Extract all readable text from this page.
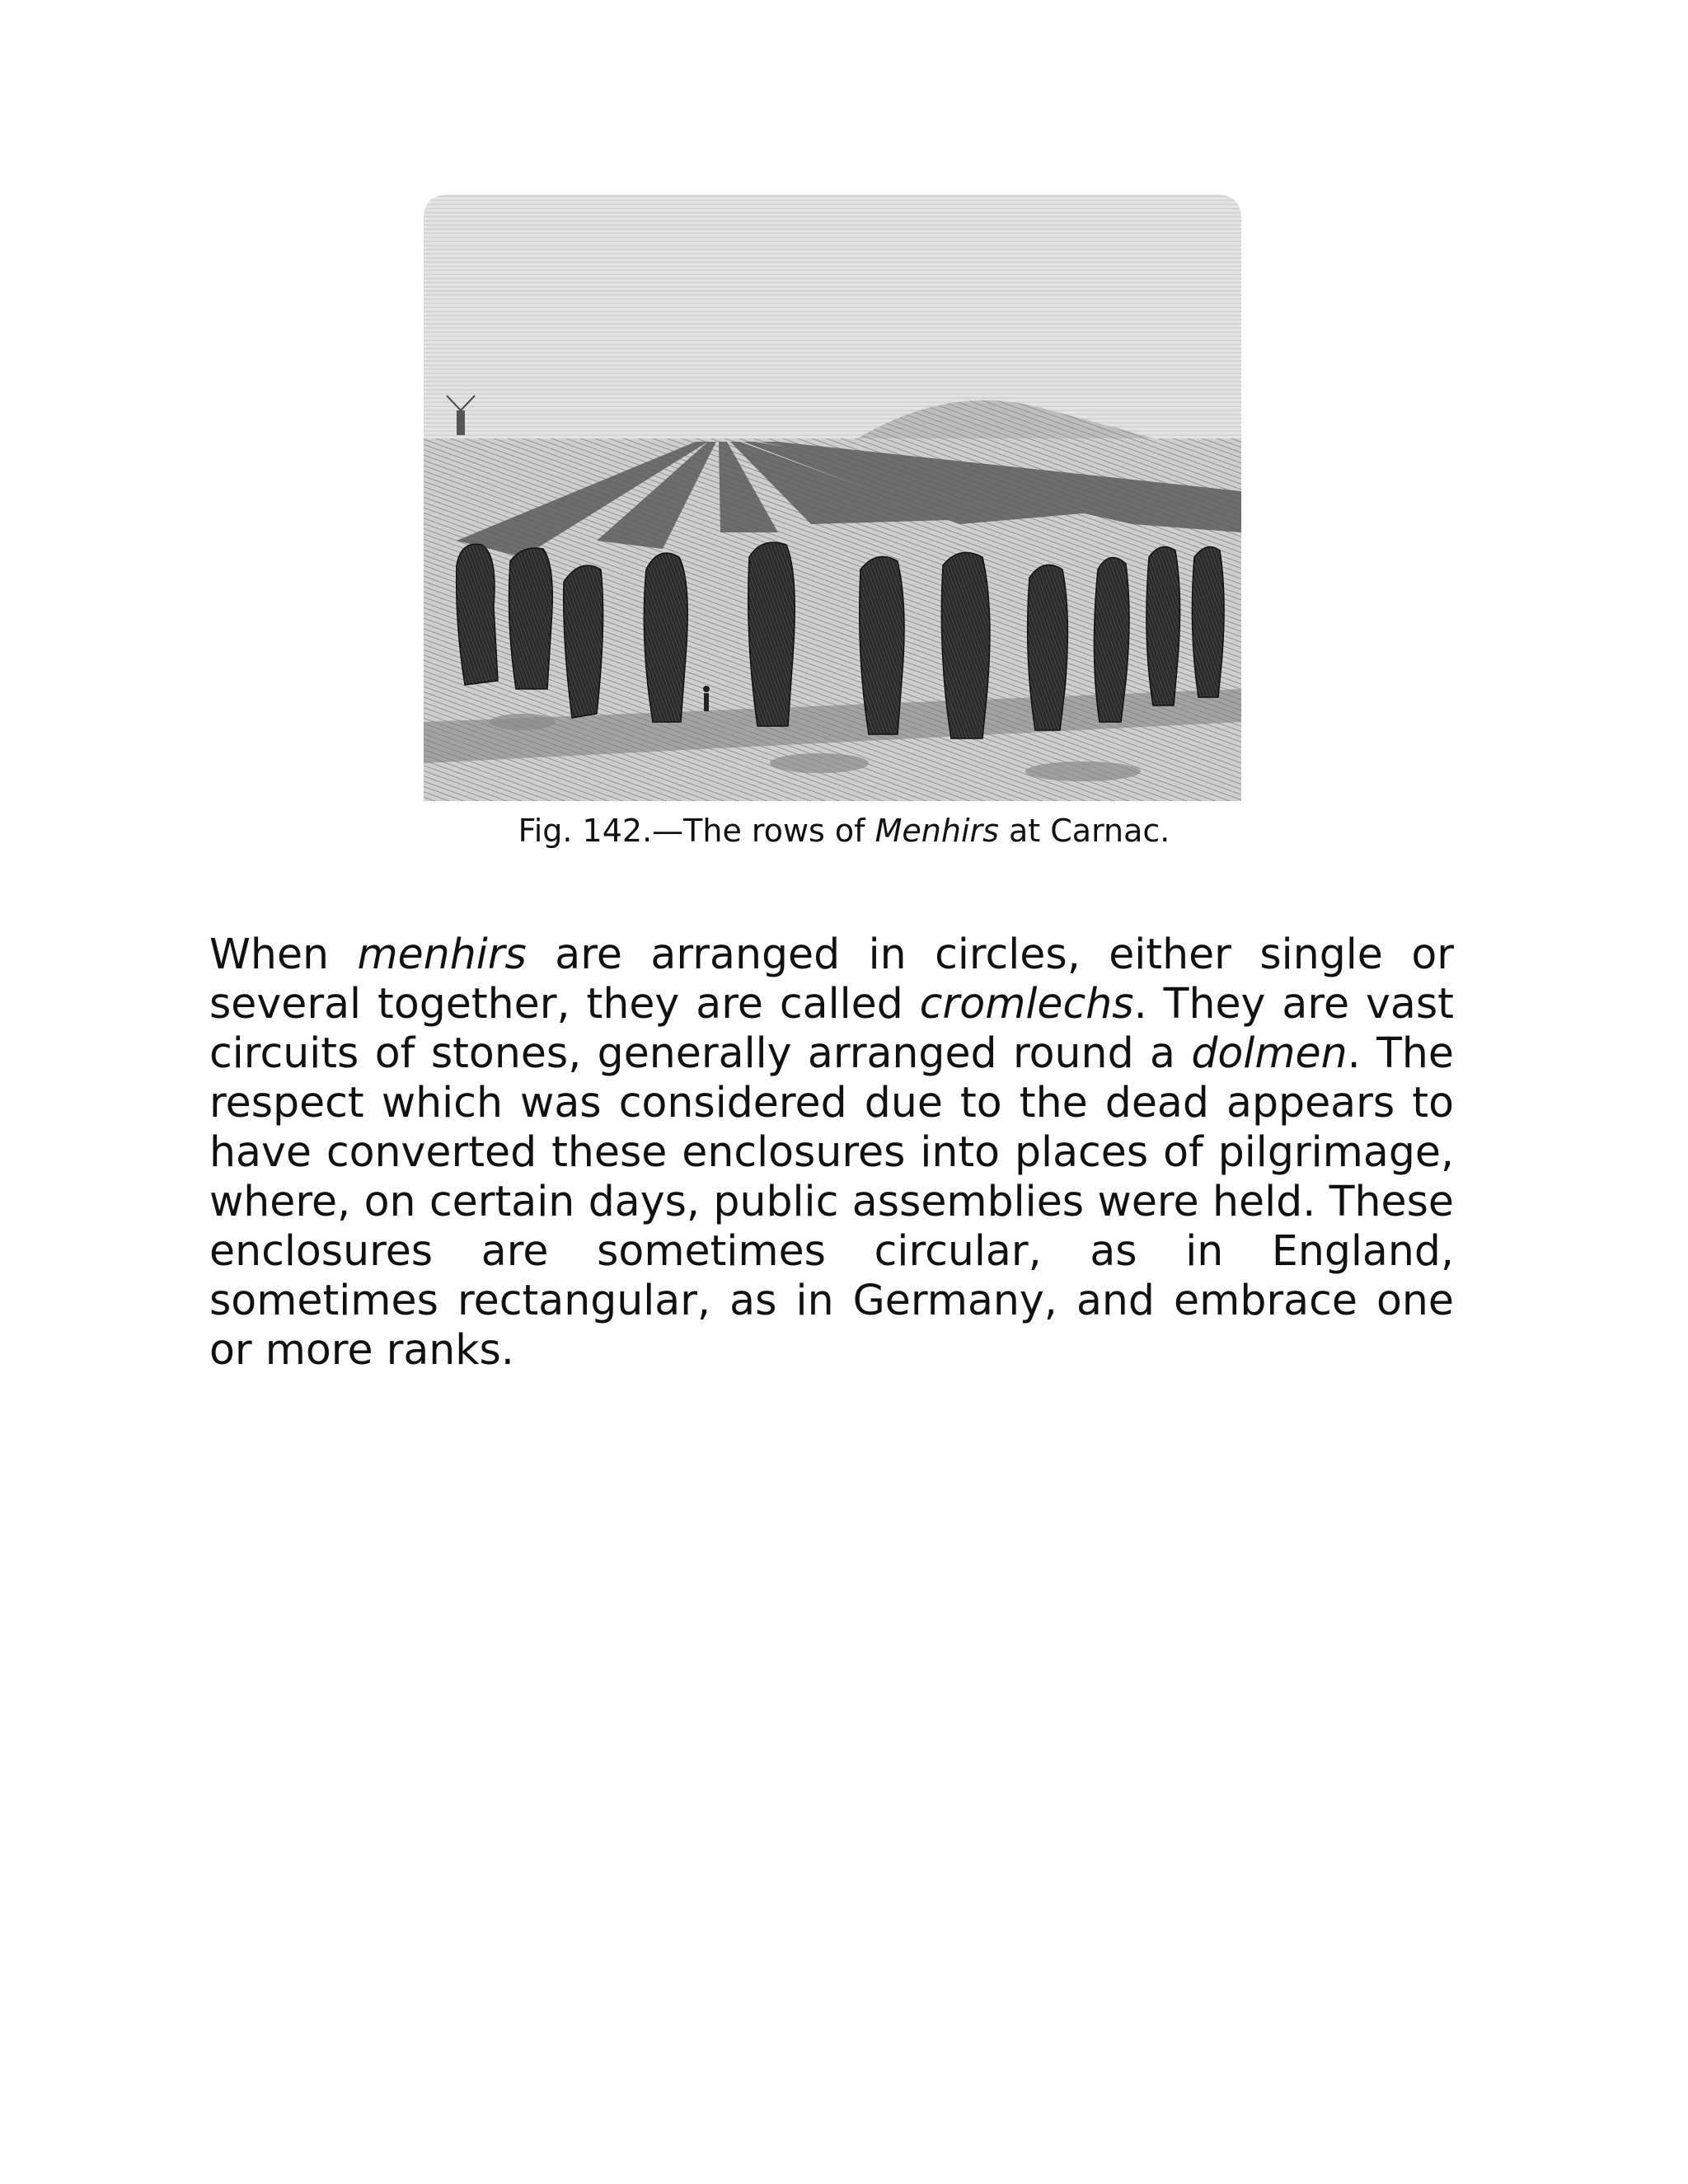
Fig. 142.—The rows of Menhirs at Carnac.

When menhirs are arranged in circles, either single or several together, they are called cromlechs. They are vast circuits of stones, generally arranged round a dolmen. The respect which was considered due to the dead appears to have converted these enclosures into places of pilgrimage, where, on certain days, public assemblies were held. These enclosures are sometimes circular, as in England, sometimes rectangular, as in Germany, and embrace one or more ranks.
